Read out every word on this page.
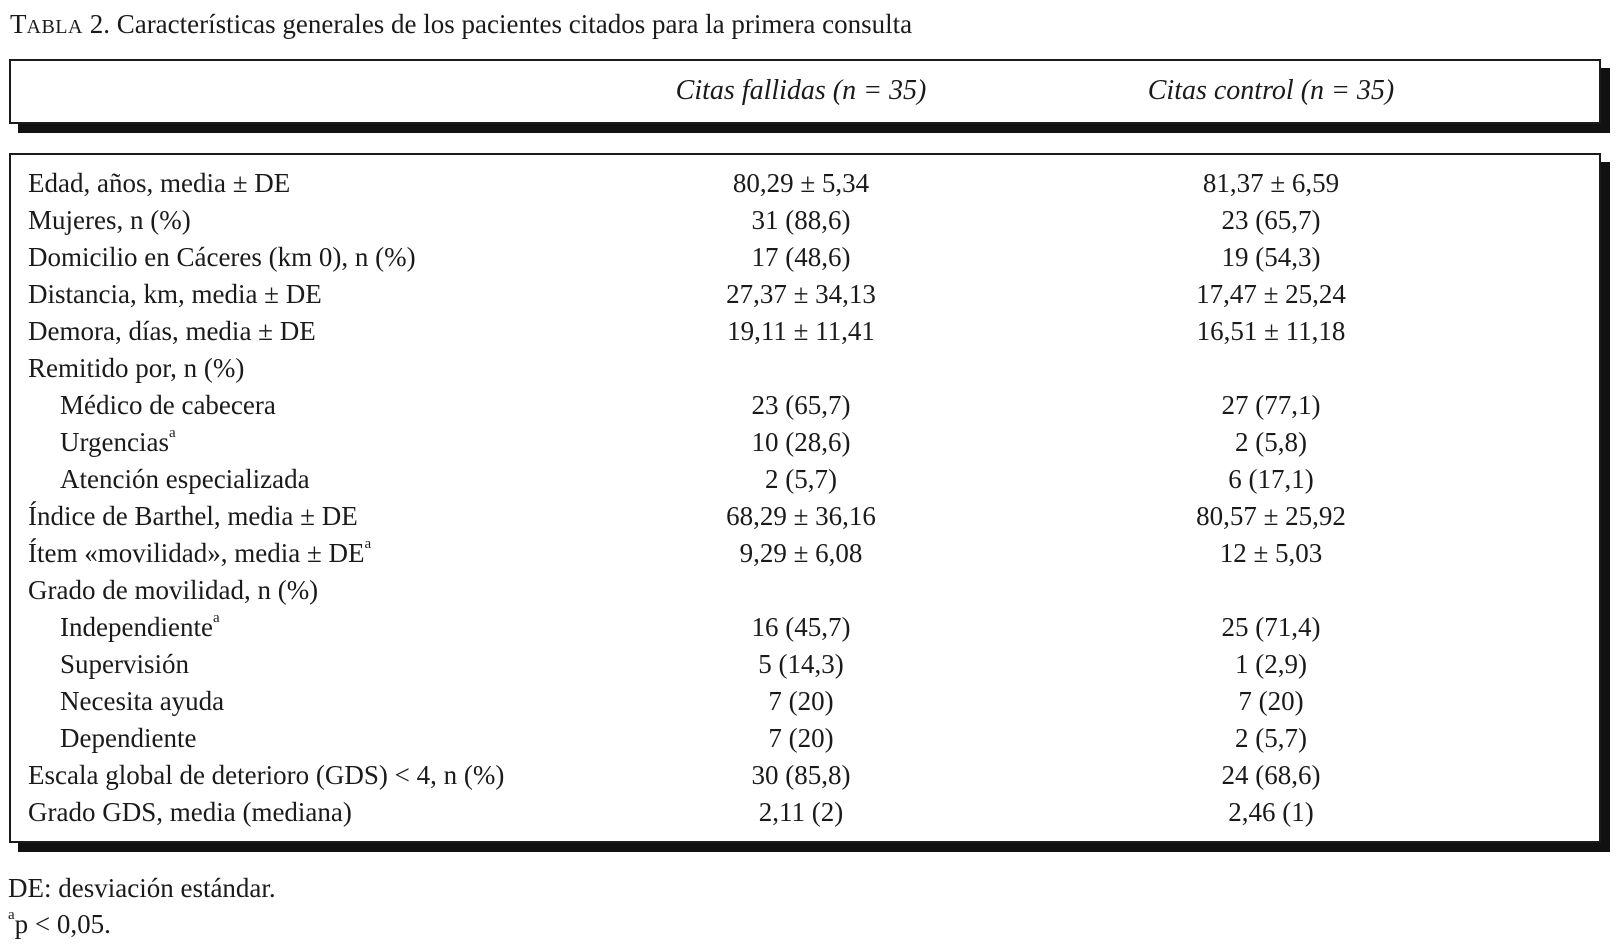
TABLA 2. Características generales de los pacientes citados para la primera consulta
Citas fallidas (n = 35)	Citas control (n = 35)
Edad, años, media ± DE	80,29 ± 5,34	81,37 ± 6,59
Mujeres, n (%)	31 (88,6)	23 (65,7)
Domicilio en Cáceres (km 0), n (%)	17 (48,6)	19 (54,3)
Distancia, km, media ± DE	27,37 ± 34,13	17,47 ± 25,24
Demora, días, media ± DE	19,11 ± 11,41	16,51 ± 11,18
Remitido por, n (%)
Médico de cabecera	23 (65,7)	27 (77,1)
Urgencias$^a$	10 (28,6)	2 (5,8)
Atención especializada	2 (5,7)	6 (17,1)
Índice de Barthel, media ± DE	68,29 ± 36,16	80,57 ± 25,92
Ítem «movilidad», media ± $DE^a$	9,29 ± 6,08	12 ± 5,03
Grado de movilidad, n (%)
Independiente$^a$	16 (45,7)	25 (71,4)
Supervisión	5 (14,3)	1 (2,9)
Necesita ayuda	7 (20)	7 (20)
Dependiente	7 (20)	2 (5,7)
Escala global de deterioro (GDS) < 4, n (%)	30 (85,8)	24 (68,6)
Grado GDS, media (mediana)	2,11 (2)	2,46 (1)
DE: desviación estándar.
$^a$p < 0,05.
